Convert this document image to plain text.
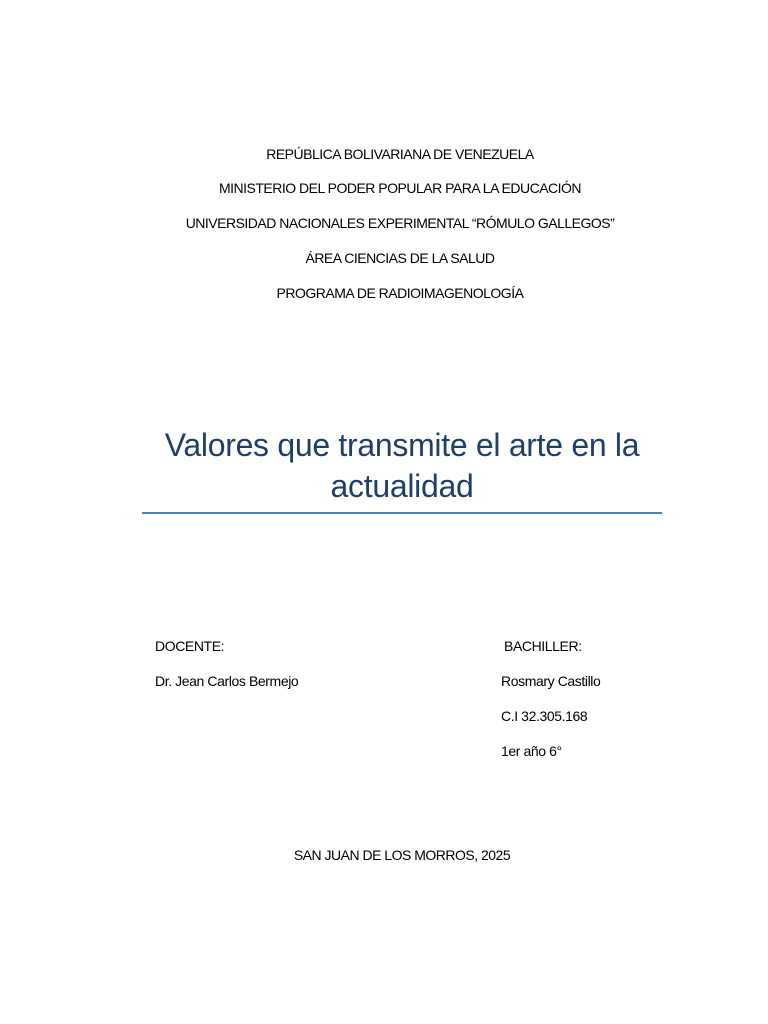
REPÚBLICA BOLIVARIANA DE VENEZUELA
MINISTERIO DEL PODER POPULAR PARA LA EDUCACIÓN
UNIVERSIDAD NACIONALES EXPERIMENTAL “RÓMULO GALLEGOS”
ÁREA CIENCIAS DE LA SALUD
PROGRAMA DE RADIOIMAGENOLOGÍA
Valores que transmite el arte en la
actualidad
DOCENTE:
Dr. Jean Carlos Bermejo
BACHILLER:
Rosmary Castillo
C.I 32.305.168
1er año 6°
SAN JUAN DE LOS MORROS, 2025
